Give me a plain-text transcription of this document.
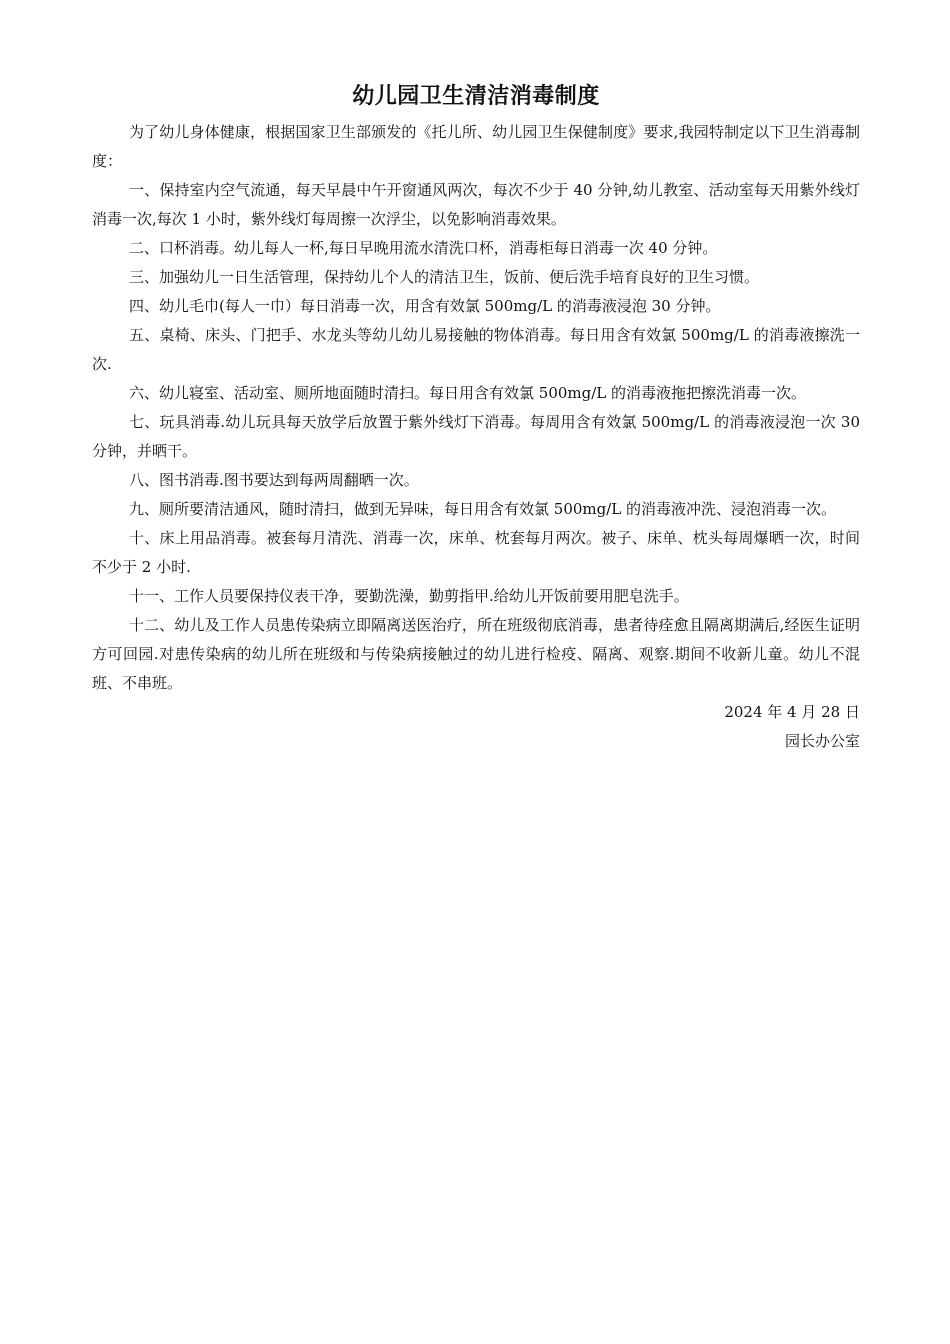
幼儿园卫生清洁消毒制度

为了幼儿身体健康，根据国家卫生部颁发的《托儿所、幼儿园卫生保健制度》要求,我园特制定以下卫生消毒制度：

一、保持室内空气流通，每天早晨中午开窗通风两次，每次不少于 40 分钟,幼儿教室、活动室每天用紫外线灯消毒一次,每次 1 小时，紫外线灯每周擦一次浮尘，以免影响消毒效果。

二、口杯消毒。幼儿每人一杯,每日早晚用流水清洗口杯，消毒柜每日消毒一次 40 分钟。

三、加强幼儿一日生活管理，保持幼儿个人的清洁卫生，饭前、便后洗手培育良好的卫生习惯。

四、幼儿毛巾(每人一巾）每日消毒一次，用含有效氯 500mg/L 的消毒液浸泡 30 分钟。

五、桌椅、床头、门把手、水龙头等幼儿幼儿易接触的物体消毒。每日用含有效氯 500mg/L 的消毒液擦洗一次.

六、幼儿寝室、活动室、厕所地面随时清扫。每日用含有效氯 500mg/L 的消毒液拖把擦洗消毒一次。

七、玩具消毒.幼儿玩具每天放学后放置于紫外线灯下消毒。每周用含有效氯 500mg/L 的消毒液浸泡一次 30 分钟，并晒干。

八、图书消毒.图书要达到每两周翻晒一次。

九、厕所要清洁通风，随时清扫，做到无异味，每日用含有效氯 500mg/L 的消毒液冲洗、浸泡消毒一次。

十、床上用品消毒。被套每月清洗、消毒一次，床单、枕套每月两次。被子、床单、枕头每周爆晒一次，时间不少于 2 小时.

十一、工作人员要保持仪表干净，要勤洗澡，勤剪指甲.给幼儿开饭前要用肥皂洗手。

十二、幼儿及工作人员患传染病立即隔离送医治疗，所在班级彻底消毒，患者待痊愈且隔离期满后,经医生证明方可回园.对患传染病的幼儿所在班级和与传染病接触过的幼儿进行检疫、隔离、观察.期间不收新儿童。幼儿不混班、不串班。

2024 年 4 月 28 日

园长办公室
